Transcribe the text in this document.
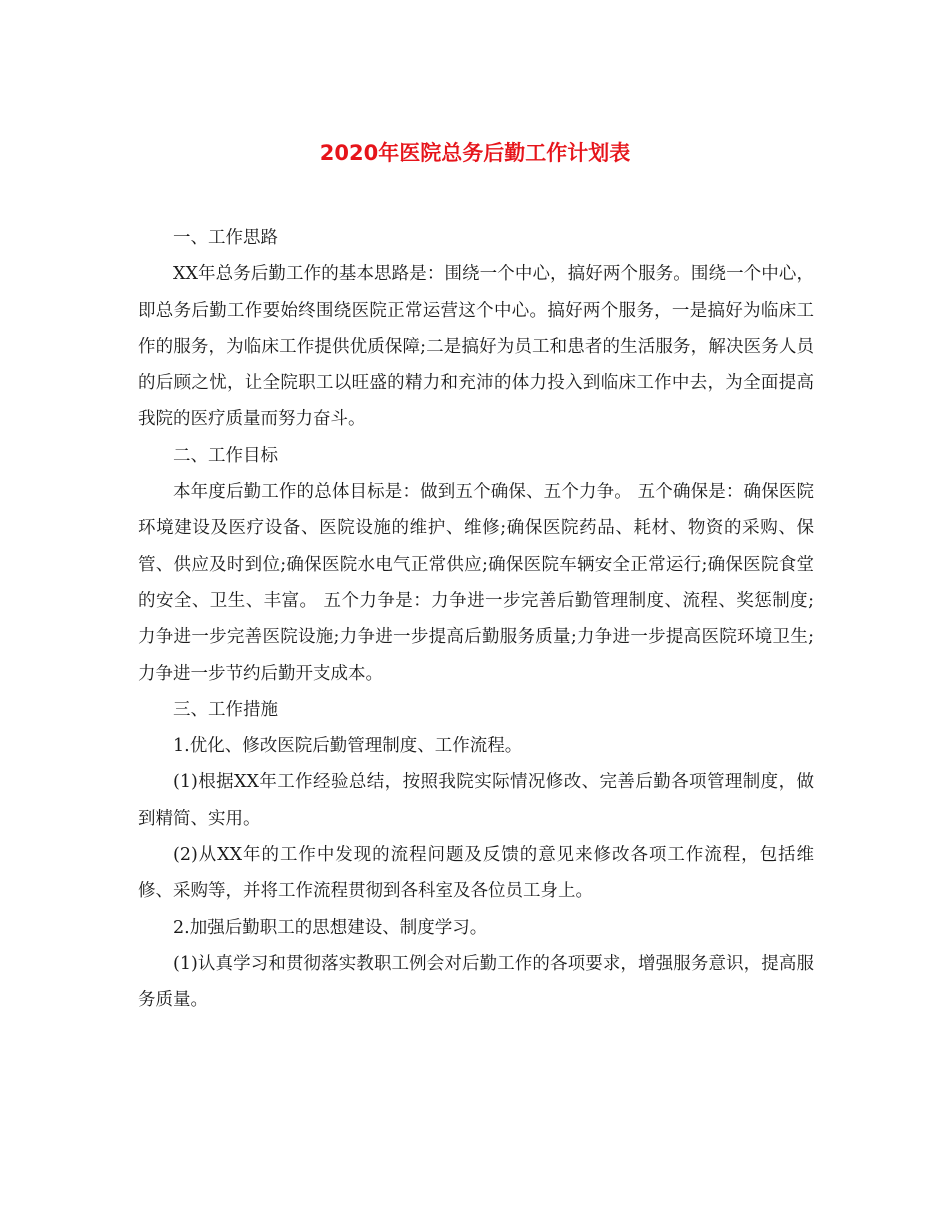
2020年医院总务后勤工作计划表

一、工作思路

XX年总务后勤工作的基本思路是：围绕一个中心，搞好两个服务。围绕一个中心，即总务后勤工作要始终围绕医院正常运营这个中心。搞好两个服务，一是搞好为临床工作的服务，为临床工作提供优质保障;二是搞好为员工和患者的生活服务，解决医务人员的后顾之忧，让全院职工以旺盛的精力和充沛的体力投入到临床工作中去，为全面提高我院的医疗质量而努力奋斗。

二、工作目标

本年度后勤工作的总体目标是：做到五个确保、五个力争。 五个确保是：确保医院环境建设及医疗设备、医院设施的维护、维修;确保医院药品、耗材、物资的采购、保管、供应及时到位;确保医院水电气正常供应;确保医院车辆安全正常运行;确保医院食堂的安全、卫生、丰富。 五个力争是：力争进一步完善后勤管理制度、流程、奖惩制度;力争进一步完善医院设施;力争进一步提高后勤服务质量;力争进一步提高医院环境卫生;力争进一步节约后勤开支成本。

三、工作措施

1.优化、修改医院后勤管理制度、工作流程。

(1)根据XX年工作经验总结，按照我院实际情况修改、完善后勤各项管理制度，做到精简、实用。

(2)从XX年的工作中发现的流程问题及反馈的意见来修改各项工作流程，包括维修、采购等，并将工作流程贯彻到各科室及各位员工身上。

2.加强后勤职工的思想建设、制度学习。

(1)认真学习和贯彻落实教职工例会对后勤工作的各项要求，增强服务意识，提高服务质量。
